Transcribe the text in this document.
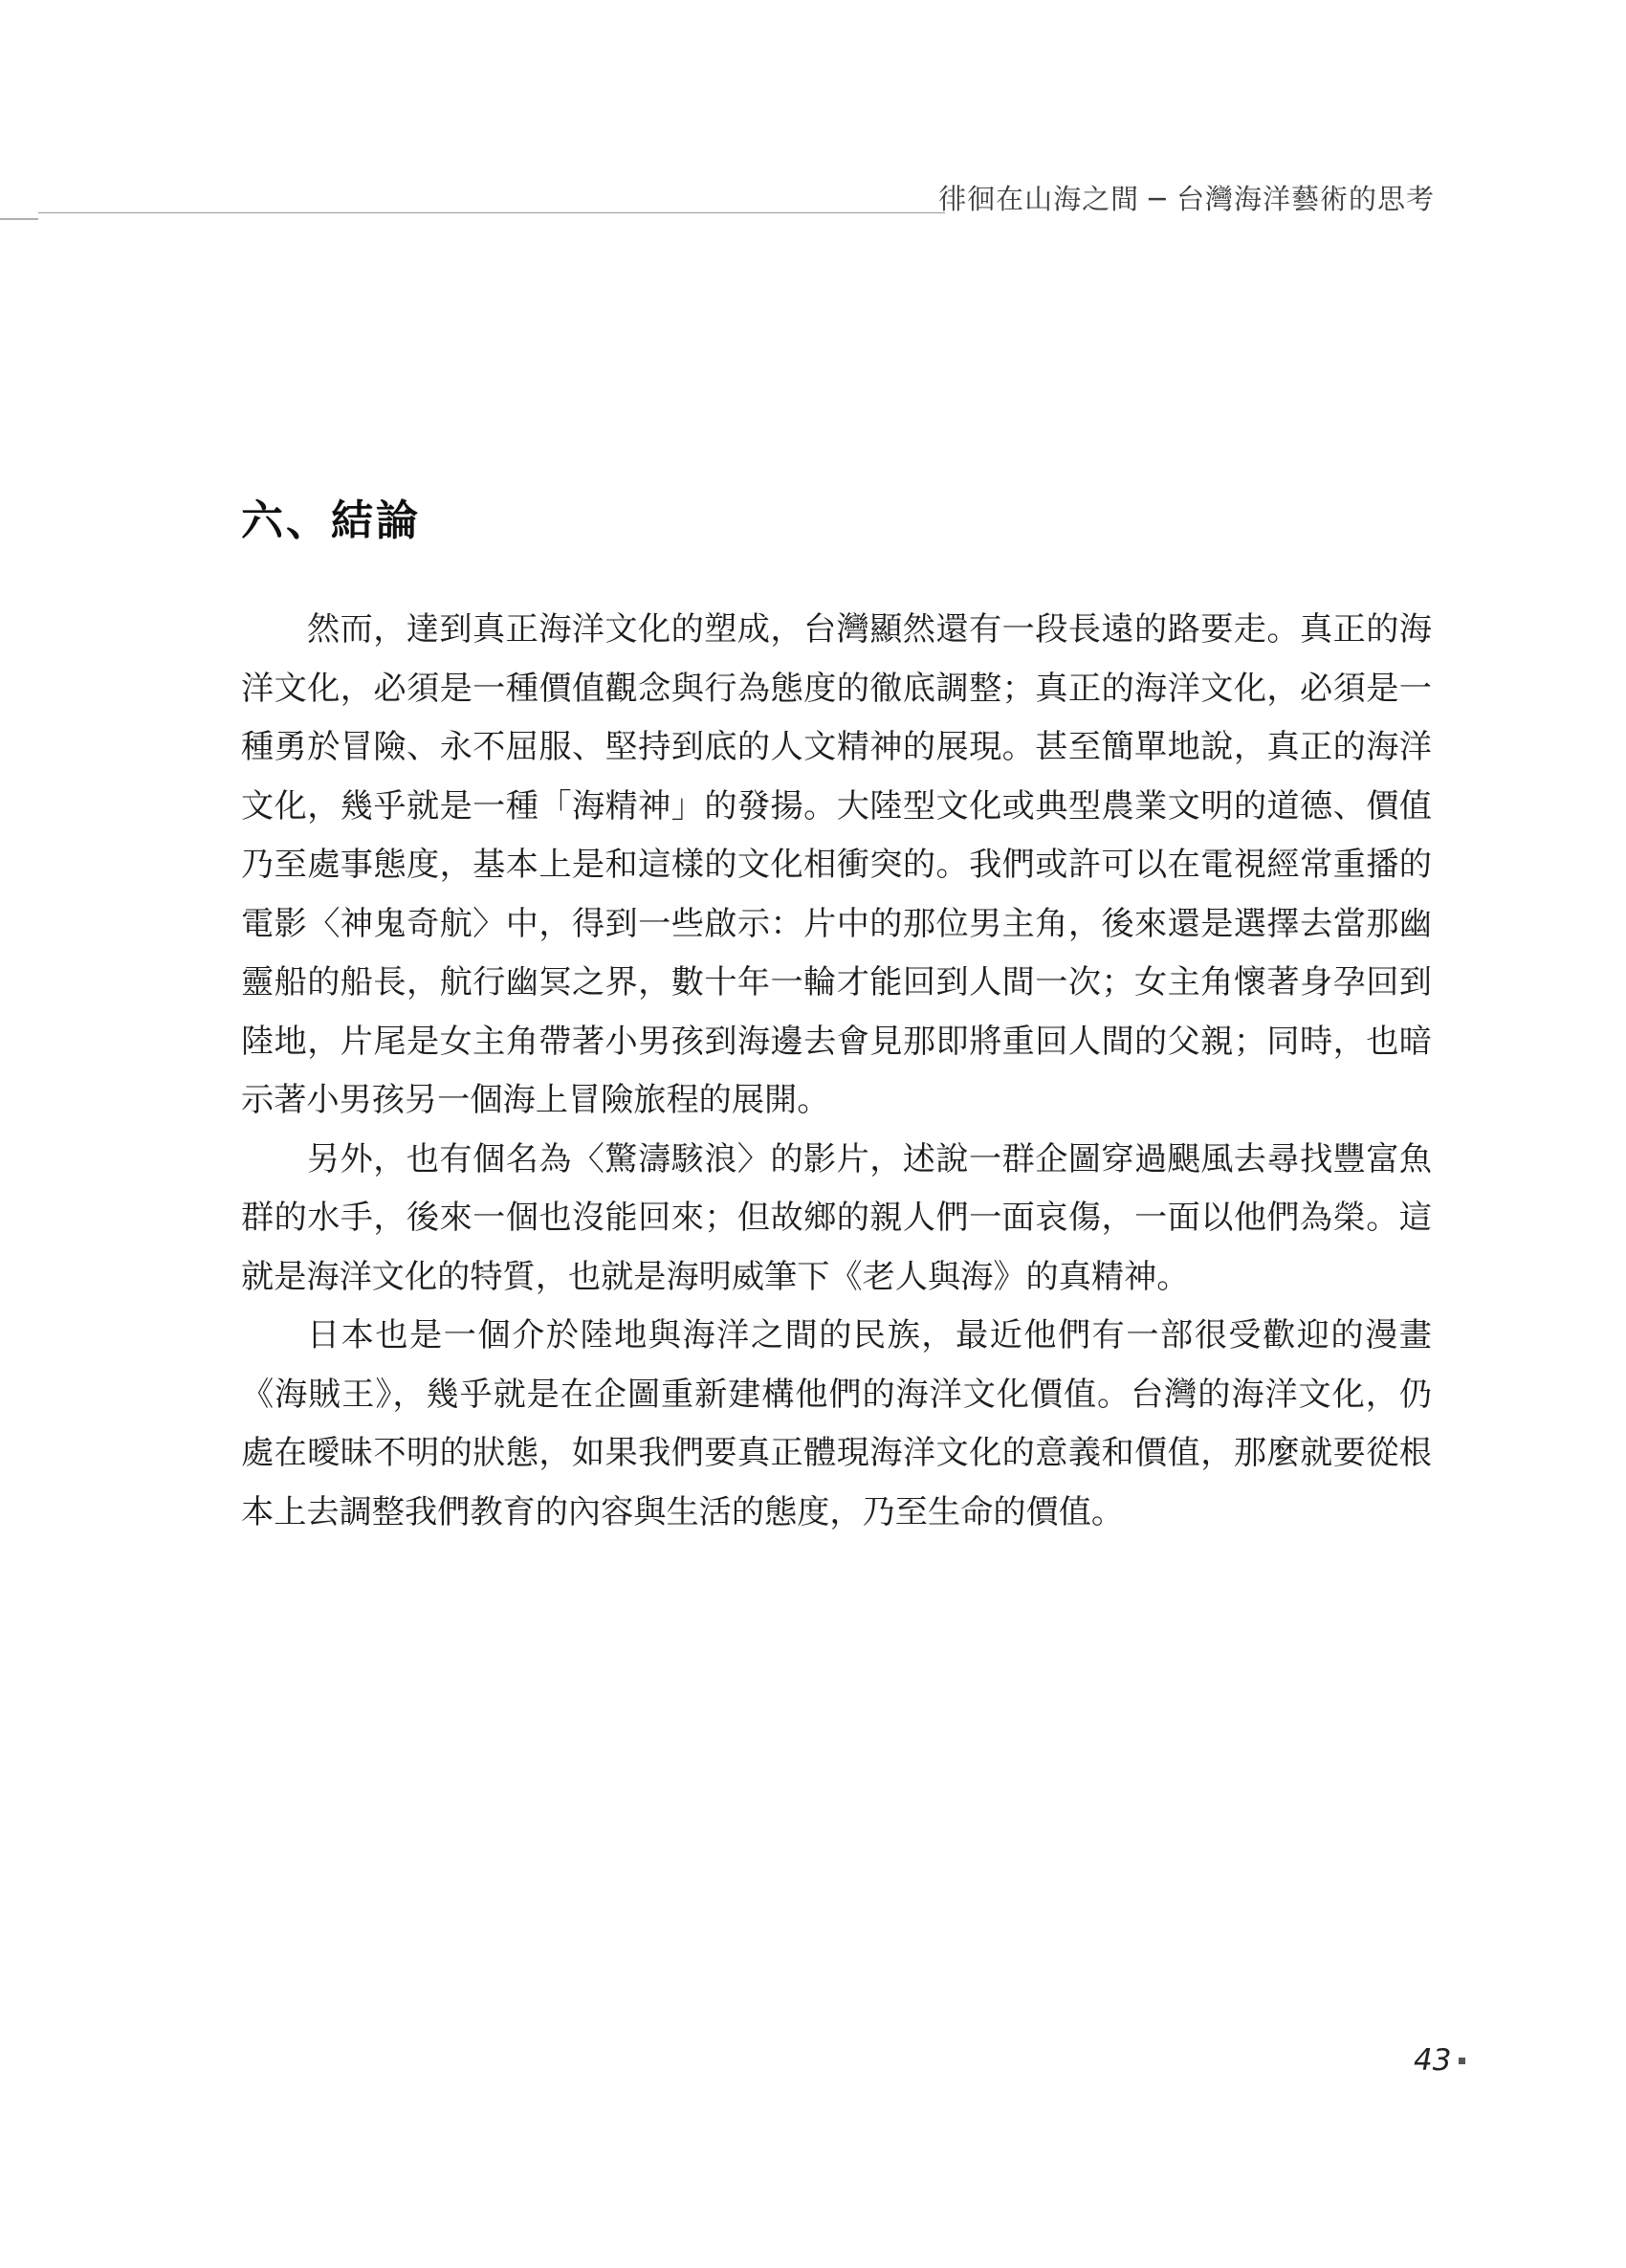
徘徊在山海之間 ─ 台灣海洋藝術的思考
六、結論

然而，達到真正海洋文化的塑成，台灣顯然還有一段長遠的路要走。真正的海洋文化，必須是一種價值觀念與行為態度的徹底調整；真正的海洋文化，必須是一種勇於冒險、永不屈服、堅持到底的人文精神的展現。甚至簡單地說，真正的海洋文化，幾乎就是一種「海精神」的發揚。大陸型文化或典型農業文明的道德、價值乃至處事態度，基本上是和這樣的文化相衝突的。我們或許可以在電視經常重播的電影〈神鬼奇航〉中，得到一些啟示：片中的那位男主角，後來還是選擇去當那幽靈船的船長，航行幽冥之界，數十年一輪才能回到人間一次；女主角懷著身孕回到陸地，片尾是女主角帶著小男孩到海邊去會見那即將重回人間的父親；同時，也暗示著小男孩另一個海上冒險旅程的展開。

另外，也有個名為〈驚濤駭浪〉的影片，述說一群企圖穿過颶風去尋找豐富魚群的水手，後來一個也沒能回來；但故鄉的親人們一面哀傷，一面以他們為榮。這就是海洋文化的特質，也就是海明威筆下《老人與海》的真精神。

日本也是一個介於陸地與海洋之間的民族，最近他們有一部很受歡迎的漫畫《海賊王》，幾乎就是在企圖重新建構他們的海洋文化價值。台灣的海洋文化，仍處在曖昧不明的狀態，如果我們要真正體現海洋文化的意義和價值，那麼就要從根本上去調整我們教育的內容與生活的態度，乃至生命的價值。

43
